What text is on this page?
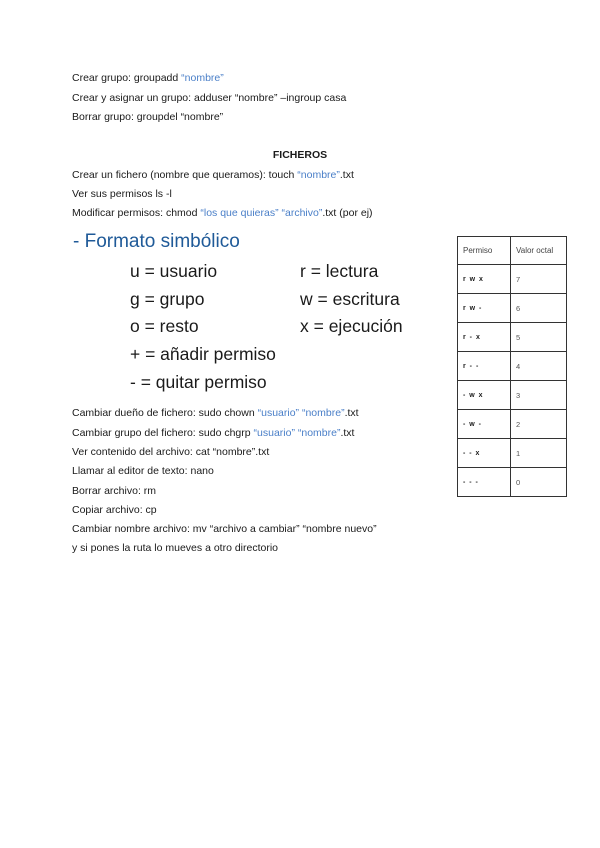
Crear grupo: groupadd “nombre”
Crear y asignar un grupo: adduser “nombre” –ingroup casa
Borrar grupo: groupdel “nombre”
FICHEROS
Crear un fichero (nombre que queramos): touch “nombre”.txt
Ver sus permisos ls -l
Modificar permisos: chmod “los que quieras” “archivo”.txt (por ej)
- Formato simbólico
u = usuario
g = grupo
o = resto
+ = añadir permiso
- = quitar permiso
r = lectura
w = escritura
x = ejecución
Permiso	Valor octal
r w x	7
r w -	6
r - x	5
r - -	4
- w x	3
- w -	2
- - x	1
- - -	0
Cambiar dueño de fichero: sudo chown “usuario” “nombre”.txt
Cambiar grupo del fichero: sudo chgrp “usuario” “nombre”.txt
Ver contenido del archivo: cat “nombre”.txt
Llamar al editor de texto: nano
Borrar archivo: rm
Copiar archivo: cp
Cambiar nombre archivo: mv “archivo a cambiar” “nombre nuevo”
y si pones la ruta lo mueves a otro directorio
